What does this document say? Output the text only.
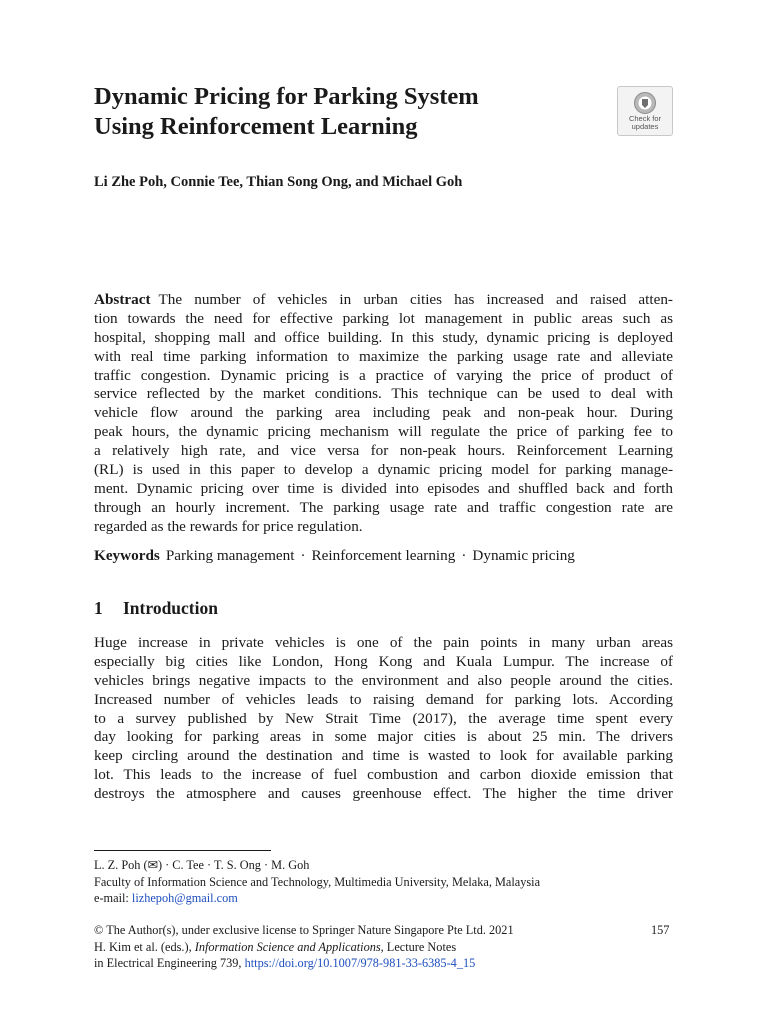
Dynamic Pricing for Parking System
Using Reinforcement Learning	Check for
updates
Li Zhe Poh, Connie Tee, Thian Song Ong, and Michael Goh
Abstract The number of vehicles in urban cities has increased and raised atten-
tion towards the need for effective parking lot management in public areas such as
hospital, shopping mall and office building. In this study, dynamic pricing is deployed
with real time parking information to maximize the parking usage rate and alleviate
traffic congestion. Dynamic pricing is a practice of varying the price of product of
service reflected by the market conditions. This technique can be used to deal with
vehicle flow around the parking area including peak and non-peak hour. During
peak hours, the dynamic pricing mechanism will regulate the price of parking fee to
a relatively high rate, and vice versa for non-peak hours. Reinforcement Learning
(RL) is used in this paper to develop a dynamic pricing model for parking manage-
ment. Dynamic pricing over time is divided into episodes and shuffled back and forth
through an hourly increment. The parking usage rate and traffic congestion rate are
regarded as the rewards for price regulation.
Keywords Parking management · Reinforcement learning · Dynamic pricing
1 Introduction
Huge increase in private vehicles is one of the pain points in many urban areas
especially big cities like London, Hong Kong and Kuala Lumpur. The increase of
vehicles brings negative impacts to the environment and also people around the cities.
Increased number of vehicles leads to raising demand for parking lots. According
to a survey published by New Strait Time (2017), the average time spent every
day looking for parking areas in some major cities is about 25 min. The drivers
keep circling around the destination and time is wasted to look for available parking
lot. This leads to the increase of fuel combustion and carbon dioxide emission that
destroys the atmosphere and causes greenhouse effect. The higher the time driver
L. Z. Poh (✉) · C. Tee · T. S. Ong · M. Goh
Faculty of Information Science and Technology, Multimedia University, Melaka, Malaysia
e-mail: lizhepoh@gmail.com
© The Author(s), under exclusive license to Springer Nature Singapore Pte Ltd. 2021
H. Kim et al. (eds.), Information Science and Applications, Lecture Notes
in Electrical Engineering 739, https://doi.org/10.1007/978-981-33-6385-4_15
157
